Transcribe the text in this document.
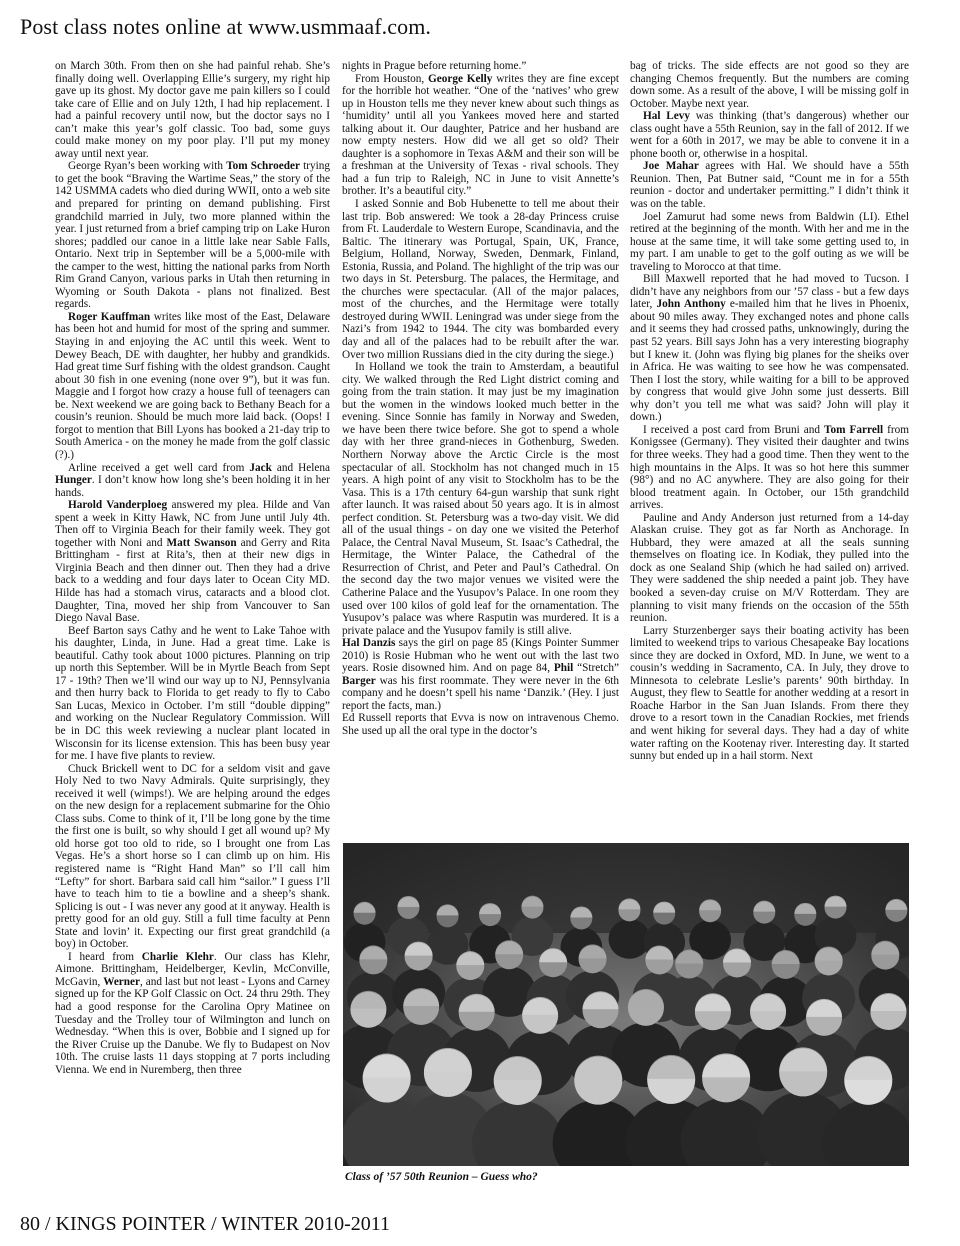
Post class notes online at www.usmmaaf.com.

on March 30th. From then on she had painful rehab. She’s finally doing well. Overlapping Ellie’s surgery, my right hip gave up its ghost. My doctor gave me pain killers so I could take care of Ellie and on July 12th, I had hip replacement. I had a painful recovery until now, but the doctor says no I can’t make this year’s golf classic. Too bad, some guys could make money on my poor play. I’ll put my money away until next year.

George Ryan’s been working with Tom Schroeder trying to get the book “Braving the Wartime Seas,” the story of the 142 USMMA cadets who died during WWII, onto a web site and prepared for printing on demand publishing. First grandchild married in July, two more planned within the year. I just returned from a brief camping trip on Lake Huron shores; paddled our canoe in a little lake near Sable Falls, Ontario. Next trip in September will be a 5,000-mile with the camper to the west, hitting the national parks from North Rim Grand Canyon, various parks in Utah then returning in Wyoming or South Dakota - plans not finalized. Best regards.

Roger Kauffman writes like most of the East, Delaware has been hot and humid for most of the spring and summer. Staying in and enjoying the AC until this week. Went to Dewey Beach, DE with daughter, her hubby and grandkids. Had great time Surf fishing with the oldest grandson. Caught about 30 fish in one evening (none over 9”), but it was fun. Maggie and I forgot how crazy a house full of teenagers can be. Next weekend we are going back to Bethany Beach for a cousin’s reunion. Should be much more laid back. (Oops! I forgot to mention that Bill Lyons has booked a 21-day trip to South America - on the money he made from the golf classic (?).)

Arline received a get well card from Jack and Helena Hunger. I don’t know how long she’s been holding it in her hands.

Harold Vanderploeg answered my plea. Hilde and Van spent a week in Kitty Hawk, NC from June until July 4th. Then off to Virginia Beach for their family week. They got together with Noni and Matt Swanson and Gerry and Rita Brittingham - first at Rita’s, then at their new digs in Virginia Beach and then dinner out. Then they had a drive back to a wedding and four days later to Ocean City MD. Hilde has had a stomach virus, cataracts and a blood clot. Daughter, Tina, moved her ship from Vancouver to San Diego Naval Base.

Beef Barton says Cathy and he went to Lake Tahoe with his daughter, Linda, in June. Had a great time. Lake is beautiful. Cathy took about 1000 pictures. Planning on trip up north this September. Will be in Myrtle Beach from Sept 17 - 19th? Then we’ll wind our way up to NJ, Pennsylvania and then hurry back to Florida to get ready to fly to Cabo San Lucas, Mexico in October. I’m still “double dipping” and working on the Nuclear Regulatory Commission. Will be in DC this week reviewing a nuclear plant located in Wisconsin for its license extension. This has been busy year for me. I have five plants to review.

Chuck Brickell went to DC for a seldom visit and gave Holy Ned to two Navy Admirals. Quite surprisingly, they received it well (wimps!). We are helping around the edges on the new design for a replacement submarine for the Ohio Class subs. Come to think of it, I’ll be long gone by the time the first one is built, so why should I get all wound up? My old horse got too old to ride, so I brought one from Las Vegas. He’s a short horse so I can climb up on him. His registered name is “Right Hand Man” so I’ll call him “Lefty” for short. Barbara said call him “sailor.” I guess I’ll have to teach him to tie a bowline and a sheep’s shank. Splicing is out - I was never any good at it anyway. Health is pretty good for an old guy. Still a full time faculty at Penn State and lovin’ it. Expecting our first great grandchild (a boy) in October.

I heard from Charlie Klehr. Our class has Klehr, Aimone. Brittingham, Heidelberger, Kevlin, McConville, McGavin, Werner, and last but not least - Lyons and Carney signed up for the KP Golf Classic on Oct. 24 thru 29th. They had a good response for the Carolina Opry Matinee on Tuesday and the Trolley tour of Wilmington and lunch on Wednesday. “When this is over, Bobbie and I signed up for the River Cruise up the Danube. We fly to Budapest on Nov 10th. The cruise lasts 11 days stopping at 7 ports including Vienna. We end in Nuremberg, then three

nights in Prague before returning home.”

From Houston, George Kelly writes they are fine except for the horrible hot weather. “One of the ‘natives’ who grew up in Houston tells me they never knew about such things as ‘humidity’ until all you Yankees moved here and started talking about it. Our daughter, Patrice and her husband are now empty nesters. How did we all get so old? Their daughter is a sophomore in Texas A&M and their son will be a freshman at the University of Texas - rival schools. They had a fun trip to Raleigh, NC in June to visit Annette’s brother. It’s a beautiful city.”

I asked Sonnie and Bob Hubenette to tell me about their last trip. Bob answered: We took a 28-day Princess cruise from Ft. Lauderdale to Western Europe, Scandinavia, and the Baltic. The itinerary was Portugal, Spain, UK, France, Belgium, Holland, Norway, Sweden, Denmark, Finland, Estonia, Russia, and Poland. The highlight of the trip was our two days in St. Petersburg. The palaces, the Hermitage, and the churches were spectacular. (All of the major palaces, most of the churches, and the Hermitage were totally destroyed during WWII. Leningrad was under siege from the Nazi’s from 1942 to 1944. The city was bombarded every day and all of the palaces had to be rebuilt after the war. Over two million Russians died in the city during the siege.)

In Holland we took the train to Amsterdam, a beautiful city. We walked through the Red Light district coming and going from the train station. It may just be my imagination but the women in the windows looked much better in the evening. Since Sonnie has family in Norway and Sweden, we have been there twice before. She got to spend a whole day with her three grand-nieces in Gothenburg, Sweden. Northern Norway above the Arctic Circle is the most spectacular of all. Stockholm has not changed much in 15 years. A high point of any visit to Stockholm has to be the Vasa. This is a 17th century 64-gun warship that sunk right after launch. It was raised about 50 years ago. It is in almost perfect condition. St. Petersburg was a two-day visit. We did all of the usual things - on day one we visited the Peterhof Palace, the Central Naval Museum, St. Isaac’s Cathedral, the Hermitage, the Winter Palace, the Cathedral of the Resurrection of Christ, and Peter and Paul’s Cathedral. On the second day the two major venues we visited were the Catherine Palace and the Yusupov’s Palace. In one room they used over 100 kilos of gold leaf for the ornamentation. The Yusupov’s palace was where Rasputin was murdered. It is a private palace and the Yusupov family is still alive.

Hal Danzis says the girl on page 85 (Kings Pointer Summer 2010) is Rosie Hubman who he went out with the last two years. Rosie disowned him. And on page 84, Phil “Stretch” Barger was his first roommate. They were never in the 6th company and he doesn’t spell his name ‘Danzik.’ (Hey. I just report the facts, man.)

Ed Russell reports that Evva is now on intravenous Chemo. She used up all the oral type in the doctor’s

bag of tricks. The side effects are not good so they are changing Chemos frequently. But the numbers are coming down some. As a result of the above, I will be missing golf in October. Maybe next year.

Hal Levy was thinking (that’s dangerous) whether our class ought have a 55th Reunion, say in the fall of 2012. If we went for a 60th in 2017, we may be able to convene it in a phone booth or, otherwise in a hospital.

Joe Mahar agrees with Hal. We should have a 55th Reunion. Then, Pat Butner said, “Count me in for a 55th reunion - doctor and undertaker permitting.” I didn’t think it was on the table.

Joel Zamurut had some news from Baldwin (LI). Ethel retired at the beginning of the month. With her and me in the house at the same time, it will take some getting used to, in my part. I am unable to get to the golf outing as we will be traveling to Morocco at that time.

Bill Maxwell reported that he had moved to Tucson. I didn’t have any neighbors from our ’57 class - but a few days later, John Anthony e-mailed him that he lives in Phoenix, about 90 miles away. They exchanged notes and phone calls and it seems they had crossed paths, unknowingly, during the past 52 years. Bill says John has a very interesting biography but I knew it. (John was flying big planes for the sheiks over in Africa. He was waiting to see how he was compensated. Then I lost the story, while waiting for a bill to be approved by congress that would give John some just desserts. Bill why don’t you tell me what was said? John will play it down.)

I received a post card from Bruni and Tom Farrell from Konigssee (Germany). They visited their daughter and twins for three weeks. They had a good time. Then they went to the high mountains in the Alps. It was so hot here this summer (98°) and no AC anywhere. They are also going for their blood treatment again. In October, our 15th grandchild arrives.

Pauline and Andy Anderson just returned from a 14-day Alaskan cruise. They got as far North as Anchorage. In Hubbard, they were amazed at all the seals sunning themselves on floating ice. In Kodiak, they pulled into the dock as one Sealand Ship (which he had sailed on) arrived. They were saddened the ship needed a paint job. They have booked a seven-day cruise on M/V Rotterdam. They are planning to visit many friends on the occasion of the 55th reunion.

Larry Sturzenberger says their boating activity has been limited to weekend trips to various Chesapeake Bay locations since they are docked in Oxford, MD. In June, we went to a cousin’s wedding in Sacramento, CA. In July, they drove to Minnesota to celebrate Leslie’s parents’ 90th birthday. In August, they flew to Seattle for another wedding at a resort in Roache Harbor in the San Juan Islands. From there they drove to a resort town in the Canadian Rockies, met friends and went hiking for several days. They had a day of white water rafting on the Kootenay river. Interesting day. It started sunny but ended up in a hail storm. Next

Class of ’57 50th Reunion – Guess who?
80 / KINGS POINTER / WINTER 2010-2011
